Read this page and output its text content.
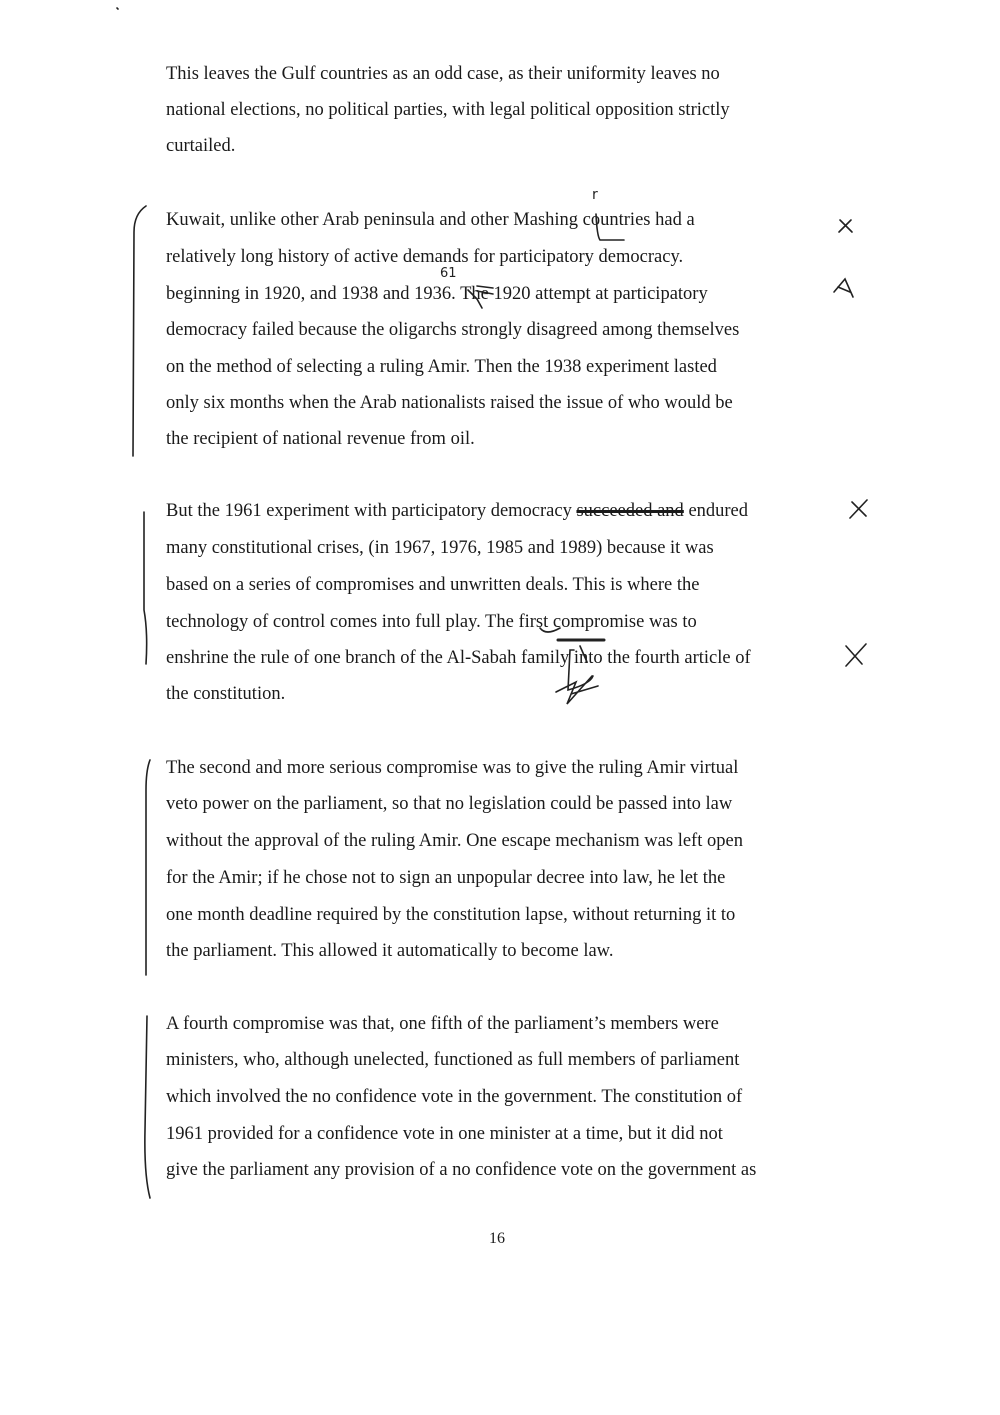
This leaves the Gulf countries as an odd case, as their uniformity leaves no
national elections, no political parties, with legal political opposition strictly
curtailed.
Kuwait, unlike other Arab peninsula and other Mashing countries had a
relatively long history of active demands for participatory democracy.
beginning in 1920, and 1938 and 1936. The 1920 attempt at participatory
democracy failed because the oligarchs strongly disagreed among themselves
on the method of selecting a ruling Amir. Then the 1938 experiment lasted
only six months when the Arab nationalists raised the issue of who would be
the recipient of national revenue from oil.
But the 1961 experiment with participatory democracy succeeded and endured
many constitutional crises, (in 1967, 1976, 1985 and 1989) because it was
based on a series of compromises and unwritten deals. This is where the
technology of control comes into full play. The first compromise was to
enshrine the rule of one branch of the Al-Sabah family into the fourth article of
the constitution.
The second and more serious compromise was to give the ruling Amir virtual
veto power on the parliament, so that no legislation could be passed into law
without the approval of the ruling Amir. One escape mechanism was left open
for the Amir; if he chose not to sign an unpopular decree into law, he let the
one month deadline required by the constitution lapse, without returning it to
the parliament. This allowed it automatically to become law.
A fourth compromise was that, one fifth of the parliament’s members were
ministers, who, although unelected, functioned as full members of parliament
which involved the no confidence vote in the government. The constitution of
1961 provided for a confidence vote in one minister at a time, but it did not
give the parliament any provision of a no confidence vote on the government as
r
61
16
